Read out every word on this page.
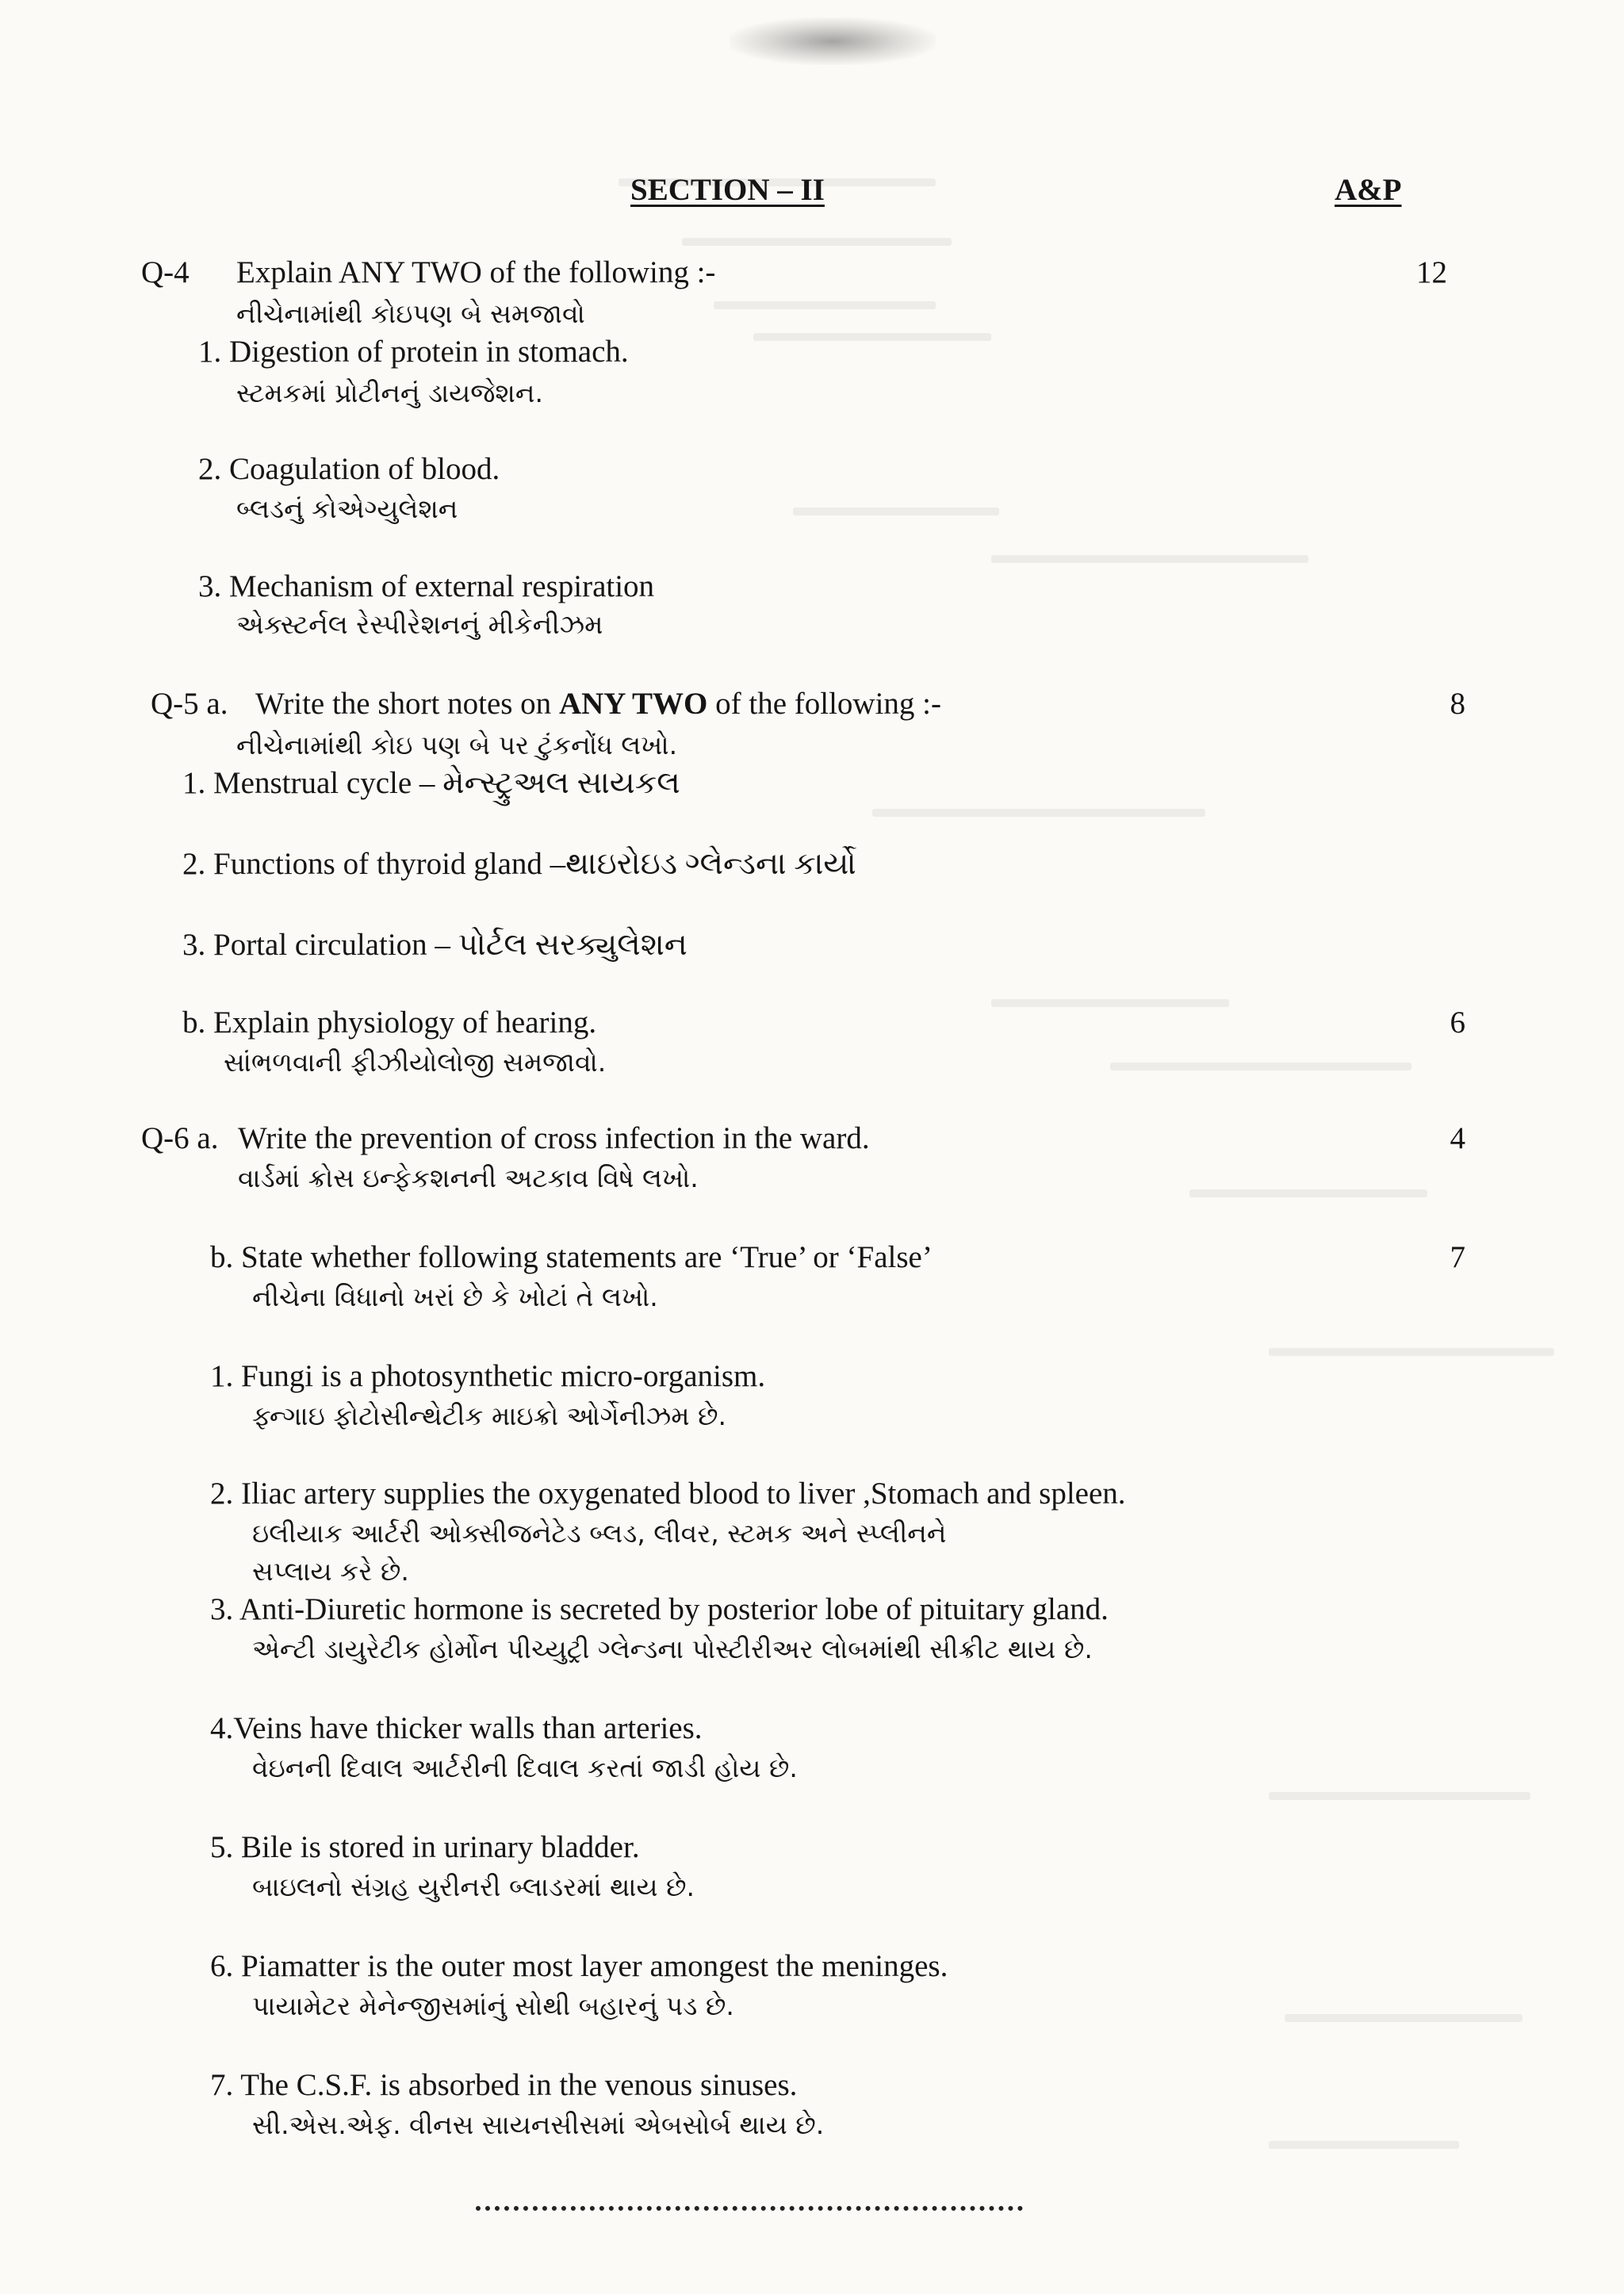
SECTION – II	A&P
Q-4 Explain ANY TWO of the following :-	12
નીચેનામાંથી કોઇપણ બે સમજાવો
1. Digestion of protein in stomach.
સ્ટમકમાં પ્રોટીનનું ડાયજેશન.
2. Coagulation of blood.
બ્લડનું કોએગ્યુલેશન
3. Mechanism of external respiration
એક્સ્ટર્નલ રેસ્પીરેશનનું મીકેનીઝમ
Q-5 a. Write the short notes on ANY TWO of the following :-	8
નીચેનામાંથી કોઇ પણ બે પર ટુંકનોંધ લખો.
1. Menstrual cycle – મેન્સ્ટ્રુઅલ સાયકલ
2. Functions of thyroid gland –થાઇરોઇડ ગ્લેન્ડના કાર્યો
3. Portal circulation – પોર્ટલ સરક્યુલેશન
b. Explain physiology of hearing.	6
સાંભળવાની ફીઝીયોલોજી સમજાવો.
Q-6 a. Write the prevention of cross infection in the ward.	4
વાર્ડમાં ક્રોસ ઇન્ફેકશનની અટકાવ વિષે લખો.
b. State whether following statements are ‘True’ or ‘False’	7
નીચેના વિધાનો ખરાં છે કે ખોટાં તે લખો.
1. Fungi is a photosynthetic micro-organism.
ફ્ન્ગાઇ ફોટોસીન્થેટીક માઇક્રો ઓર્ગેનીઝમ છે.
2. Iliac artery supplies the oxygenated blood to liver ,Stomach and spleen.
ઇલીયાક આર્ટરી ઓક્સીજનેટેડ બ્લડ, લીવર, સ્ટમક અને સ્પ્લીનને
સપ્લાય કરે છે.
3. Anti-Diuretic hormone is secreted by posterior lobe of pituitary gland.
એન્ટી ડાયુરેટીક હોર્મોન પીચ્યુટ્રી ગ્લેન્ડના પોસ્ટીરીઅર લોબમાંથી સીક્રીટ થાય છે.
4.Veins have thicker walls than arteries.
વેઇનની દિવાલ આર્ટરીની દિવાલ કરતાં જાડી હોય છે.
5. Bile is stored in urinary bladder.
બાઇલનો સંગ્રહ યુરીનરી બ્લાડરમાં થાય છે.
6. Piamatter is the outer most layer amongest the meninges.
પાયામેટર મેનેન્જીસમાંનું સોથી બહારનું પડ છે.
7. The C.S.F. is absorbed in the venous sinuses.
સી.એસ.એફ. વીનસ સાયનસીસમાં એબસોર્બ થાય છે.
